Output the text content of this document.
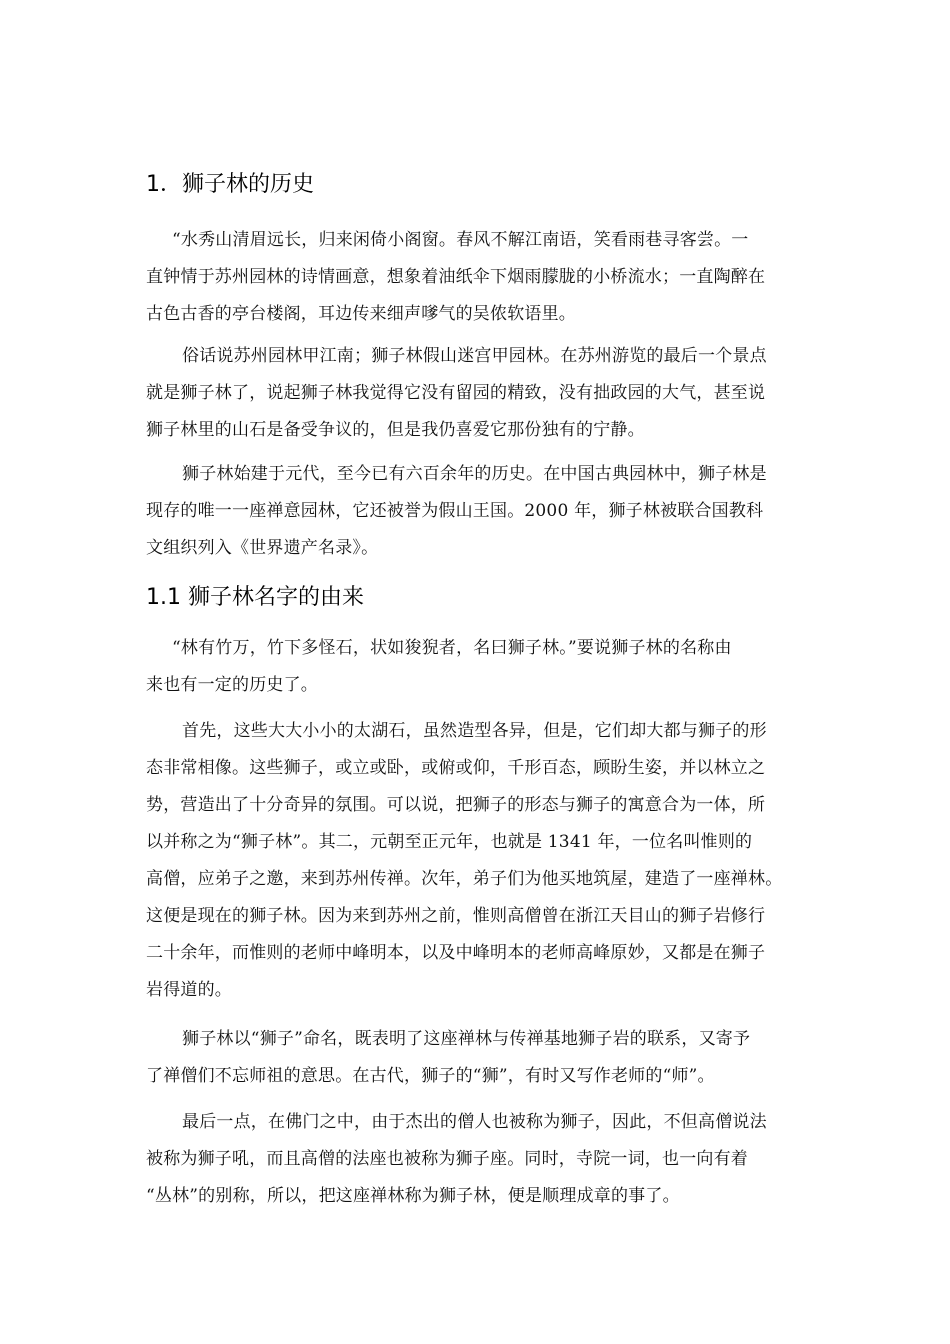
1．狮子林的历史
“水秀山清眉远长，归来闲倚小阁窗。春风不解江南语，笑看雨巷寻客尝。一
直钟情于苏州园林的诗情画意，想象着油纸伞下烟雨朦胧的小桥流水；一直陶醉在
古色古香的亭台楼阁，耳边传来细声嗲气的吴侬软语里。
俗话说苏州园林甲江南；狮子林假山迷宫甲园林。在苏州游览的最后一个景点
就是狮子林了，说起狮子林我觉得它没有留园的精致，没有拙政园的大气，甚至说
狮子林里的山石是备受争议的，但是我仍喜爱它那份独有的宁静。
狮子林始建于元代，至今已有六百余年的历史。在中国古典园林中，狮子林是
现存的唯一一座禅意园林，它还被誉为假山王国。2000 年，狮子林被联合国教科
文组织列入《世界遗产名录》。
1.1 狮子林名字的由来
“林有竹万，竹下多怪石，状如狻猊者，名曰狮子林。”要说狮子林的名称由
来也有一定的历史了。
首先，这些大大小小的太湖石，虽然造型各异，但是，它们却大都与狮子的形
态非常相像。这些狮子，或立或卧，或俯或仰，千形百态，顾盼生姿，并以林立之
势，营造出了十分奇异的氛围。可以说，把狮子的形态与狮子的寓意合为一体，所
以并称之为“狮子林”。其二，元朝至正元年，也就是 1341 年，一位名叫惟则的
高僧，应弟子之邀，来到苏州传禅。次年，弟子们为他买地筑屋，建造了一座禅林。
这便是现在的狮子林。因为来到苏州之前，惟则高僧曾在浙江天目山的狮子岩修行
二十余年，而惟则的老师中峰明本，以及中峰明本的老师高峰原妙，又都是在狮子
岩得道的。
狮子林以“狮子”命名，既表明了这座禅林与传禅基地狮子岩的联系，又寄予
了禅僧们不忘师祖的意思。在古代，狮子的“狮”，有时又写作老师的“师”。
最后一点，在佛门之中，由于杰出的僧人也被称为狮子，因此，不但高僧说法
被称为狮子吼，而且高僧的法座也被称为狮子座。同时，寺院一词，也一向有着
“丛林”的别称，所以，把这座禅林称为狮子林，便是顺理成章的事了。
